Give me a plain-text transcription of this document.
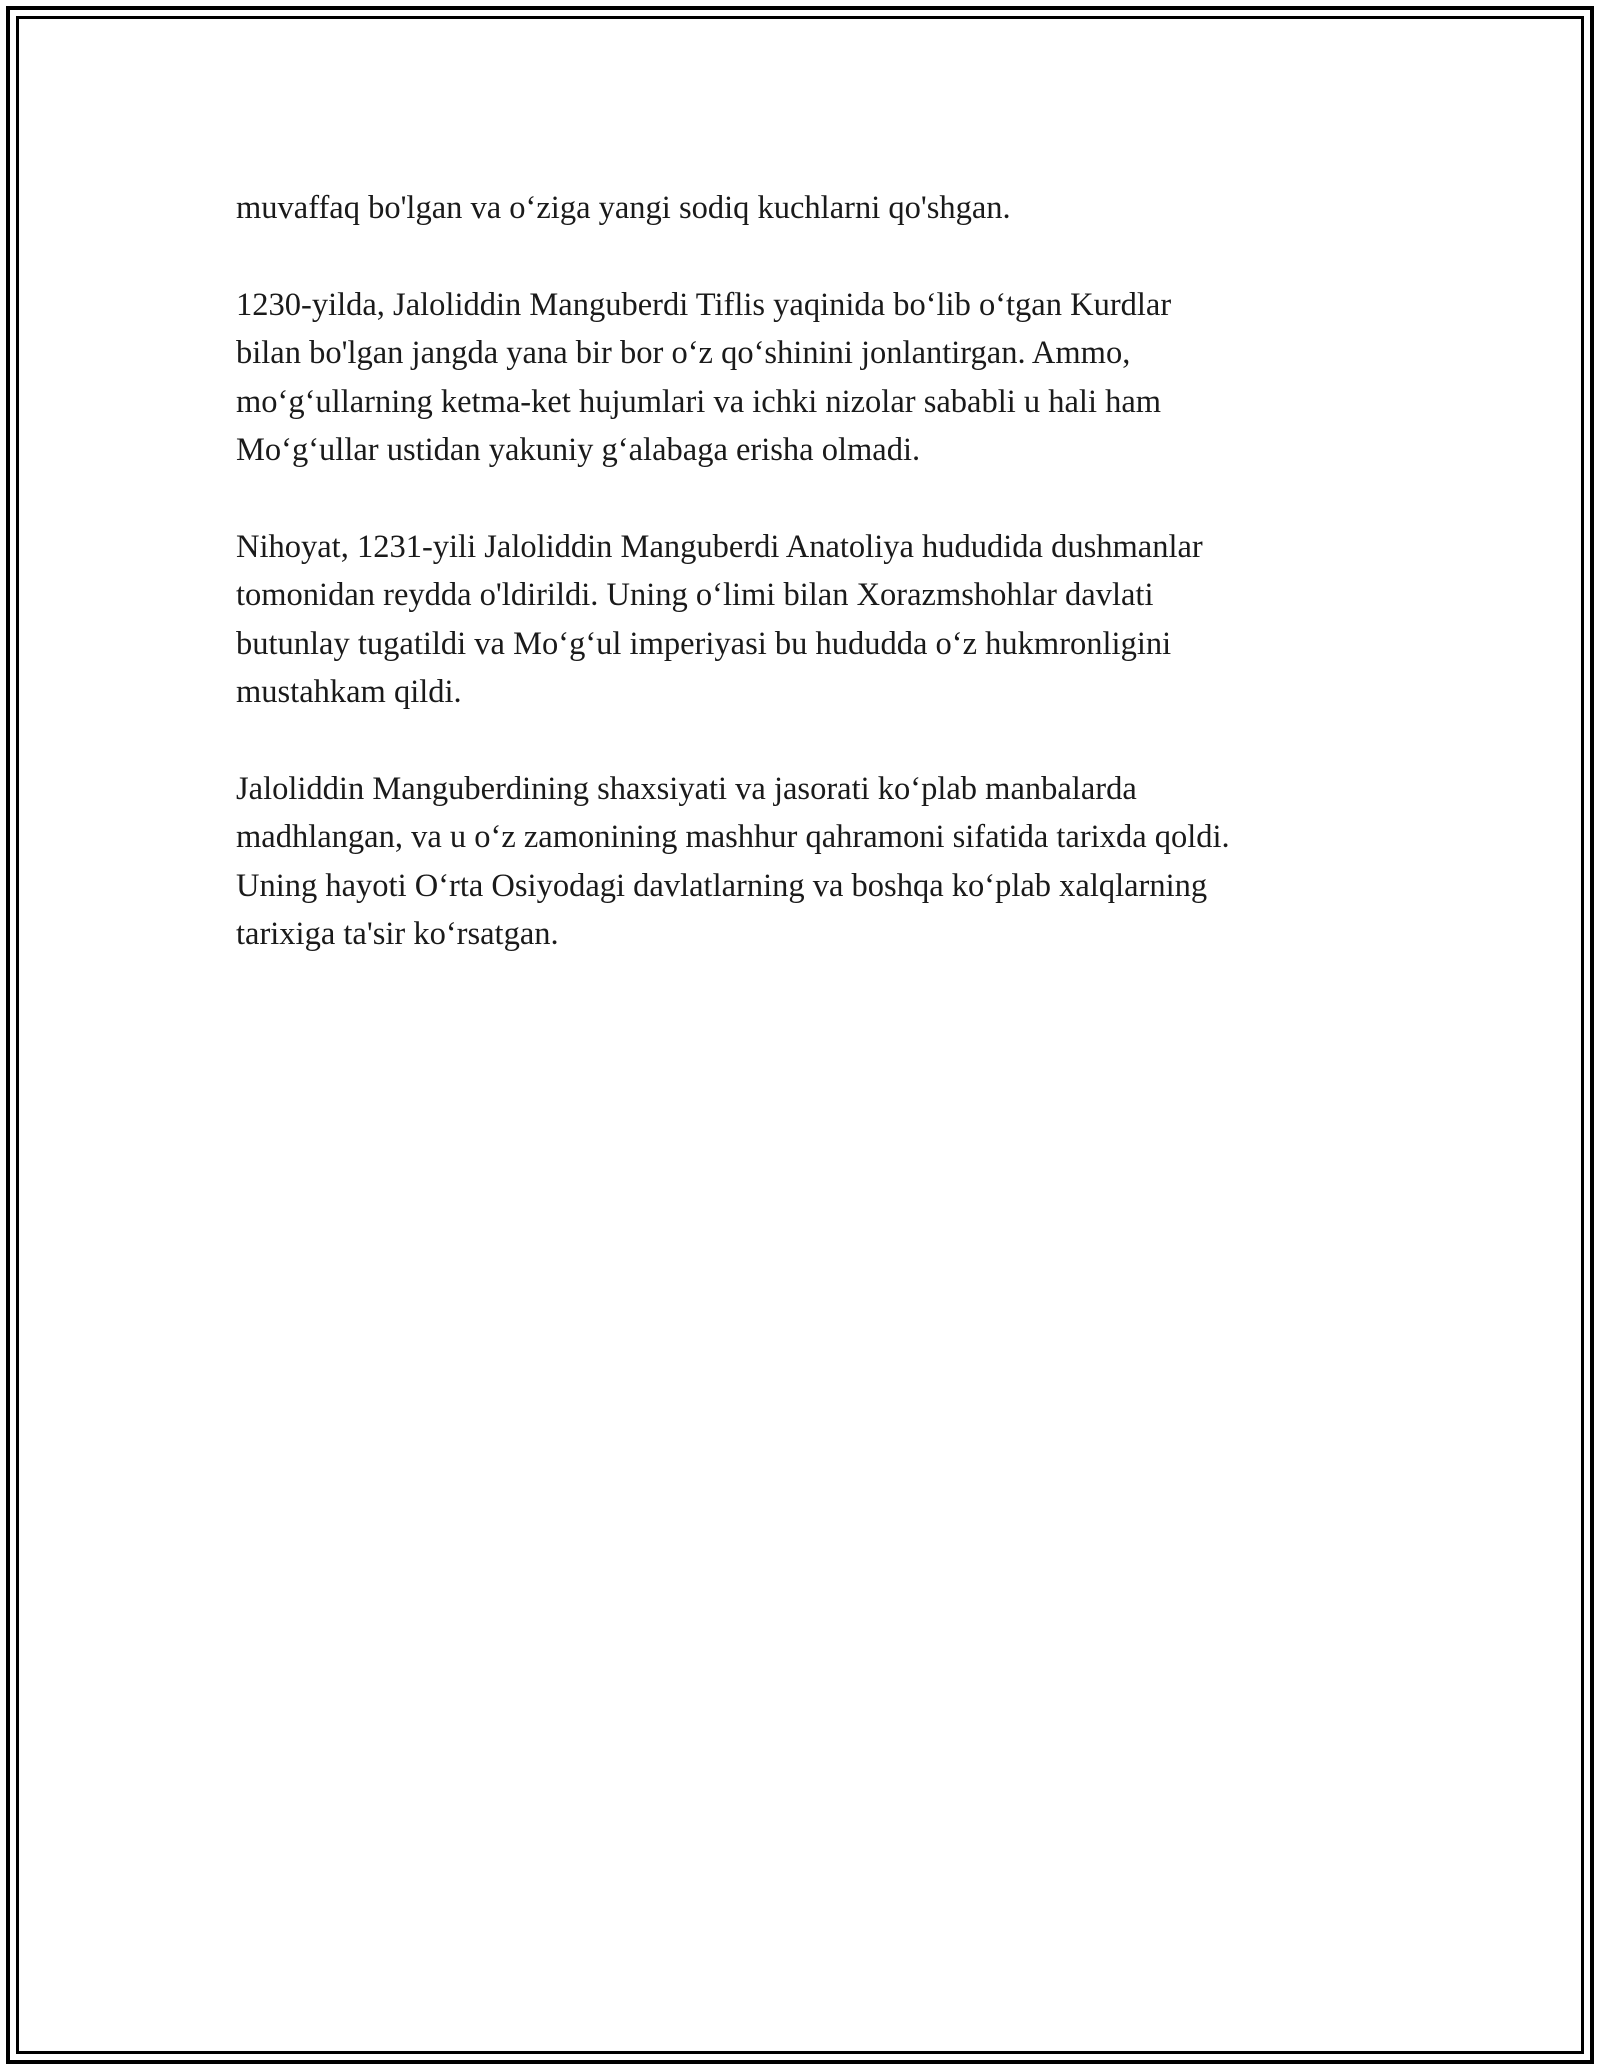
muvaffaq bo'lgan va o‘ziga yangi sodiq kuchlarni qo'shgan.

1230-yilda, Jaloliddin Manguberdi Tiflis yaqinida bo‘lib o‘tgan Kurdlar
bilan bo'lgan jangda yana bir bor o‘z qo‘shinini jonlantirgan. Ammo,
mo‘g‘ullarning ketma-ket hujumlari va ichki nizolar sababli u hali ham
Mo‘g‘ullar ustidan yakuniy g‘alabaga erisha olmadi.

Nihoyat, 1231-yili Jaloliddin Manguberdi Anatoliya hududida dushmanlar
tomonidan reydda o'ldirildi. Uning o‘limi bilan Xorazmshohlar davlati
butunlay tugatildi va Mo‘g‘ul imperiyasi bu hududda o‘z hukmronligini
mustahkam qildi.

Jaloliddin Manguberdining shaxsiyati va jasorati ko‘plab manbalarda
madhlangan, va u o‘z zamonining mashhur qahramoni sifatida tarixda qoldi.
Uning hayoti O‘rta Osiyodagi davlatlarning va boshqa ko‘plab xalqlarning
tarixiga ta'sir ko‘rsatgan.
